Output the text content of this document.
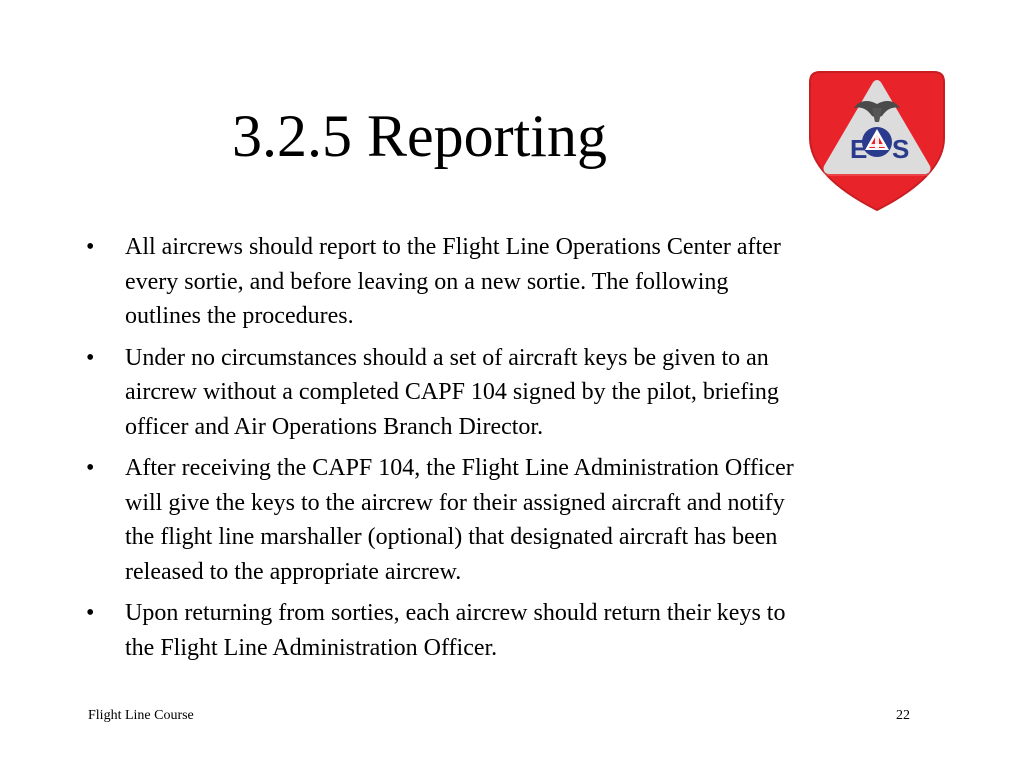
3.2.5 Reporting	E S
• All aircrews should report to the Flight Line Operations Center after
every sortie, and before leaving on a new sortie. The following
outlines the procedures.
• Under no circumstances should a set of aircraft keys be given to an
aircrew without a completed CAPF 104 signed by the pilot, briefing
officer and Air Operations Branch Director.
• After receiving the CAPF 104, the Flight Line Administration Officer
will give the keys to the aircrew for their assigned aircraft and notify
the flight line marshaller (optional) that designated aircraft has been
released to the appropriate aircrew.
• Upon returning from sorties, each aircrew should return their keys to
the Flight Line Administration Officer.
Flight Line Course	22
